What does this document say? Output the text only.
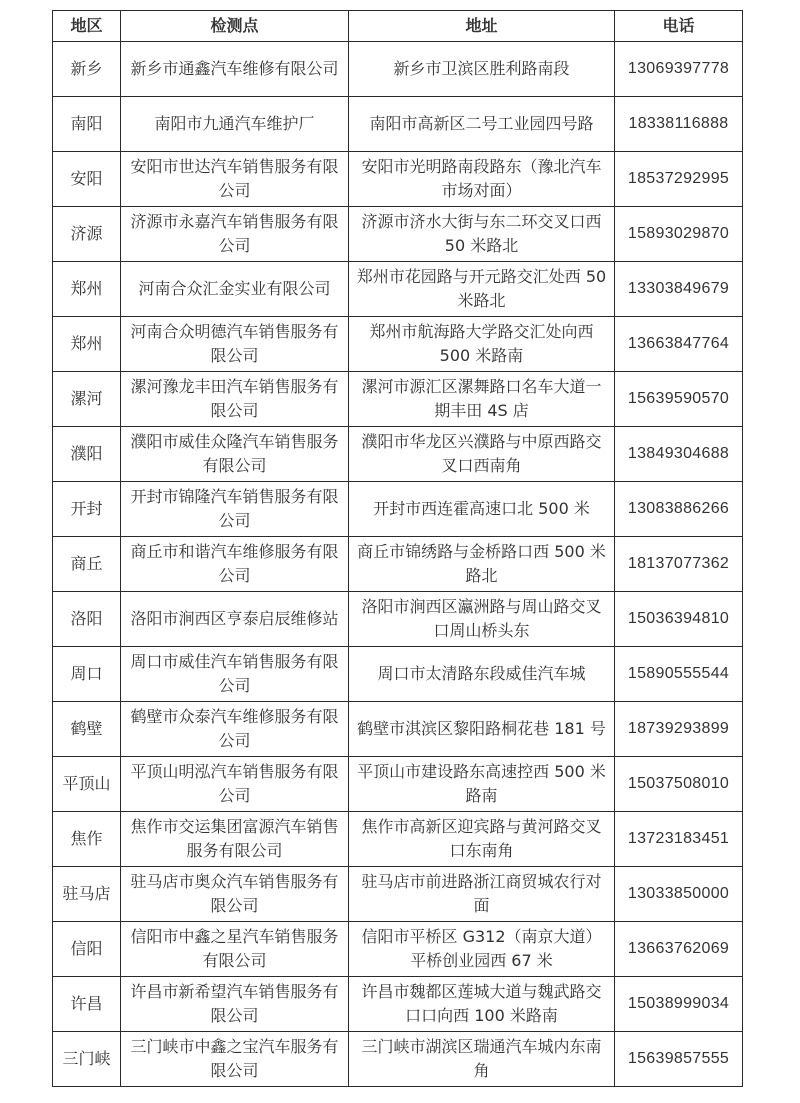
地区	检测点	地址	电话
新乡	新乡市通鑫汽车维修有限公司	新乡市卫滨区胜利路南段	13069397778
南阳	南阳市九通汽车维护厂	南阳市高新区二号工业园四号路	18338116888
安阳	安阳市世达汽车销售服务有限公司	安阳市光明路南段路东（豫北汽车市场对面）	18537292995
济源	济源市永嘉汽车销售服务有限公司	济源市济水大街与东二环交叉口西 50 米路北	15893029870
郑州	河南合众汇金实业有限公司	郑州市花园路与开元路交汇处西 50 米路北	13303849679
郑州	河南合众明德汽车销售服务有限公司	郑州市航海路大学路交汇处向西 500 米路南	13663847764
漯河	漯河豫龙丰田汽车销售服务有限公司	漯河市源汇区漯舞路口名车大道一期丰田 4S 店	15639590570
濮阳	濮阳市威佳众隆汽车销售服务有限公司	濮阳市华龙区兴濮路与中原西路交叉口西南角	13849304688
开封	开封市锦隆汽车销售服务有限公司	开封市西连霍高速口北 500 米	13083886266
商丘	商丘市和谐汽车维修服务有限公司	商丘市锦绣路与金桥路口西 500 米路北	18137077362
洛阳	洛阳市涧西区亨泰启辰维修站	洛阳市涧西区瀛洲路与周山路交叉口周山桥头东	15036394810
周口	周口市威佳汽车销售服务有限公司	周口市太清路东段威佳汽车城	15890555544
鹤壁	鹤壁市众泰汽车维修服务有限公司	鹤壁市淇滨区黎阳路桐花巷 181 号	18739293899
平顶山	平顶山明泓汽车销售服务有限公司	平顶山市建设路东高速控西 500 米路南	15037508010
焦作	焦作市交运集团富源汽车销售服务有限公司	焦作市高新区迎宾路与黄河路交叉口东南角	13723183451
驻马店	驻马店市奥众汽车销售服务有限公司	驻马店市前进路浙江商贸城农行对面	13033850000
信阳	信阳市中鑫之星汽车销售服务有限公司	信阳市平桥区 G312（南京大道）平桥创业园西 67 米	13663762069
许昌	许昌市新希望汽车销售服务有限公司	许昌市魏都区莲城大道与魏武路交口口向西 100 米路南	15038999034
三门峡	三门峡市中鑫之宝汽车服务有限公司	三门峡市湖滨区瑞通汽车城内东南角	15639857555
